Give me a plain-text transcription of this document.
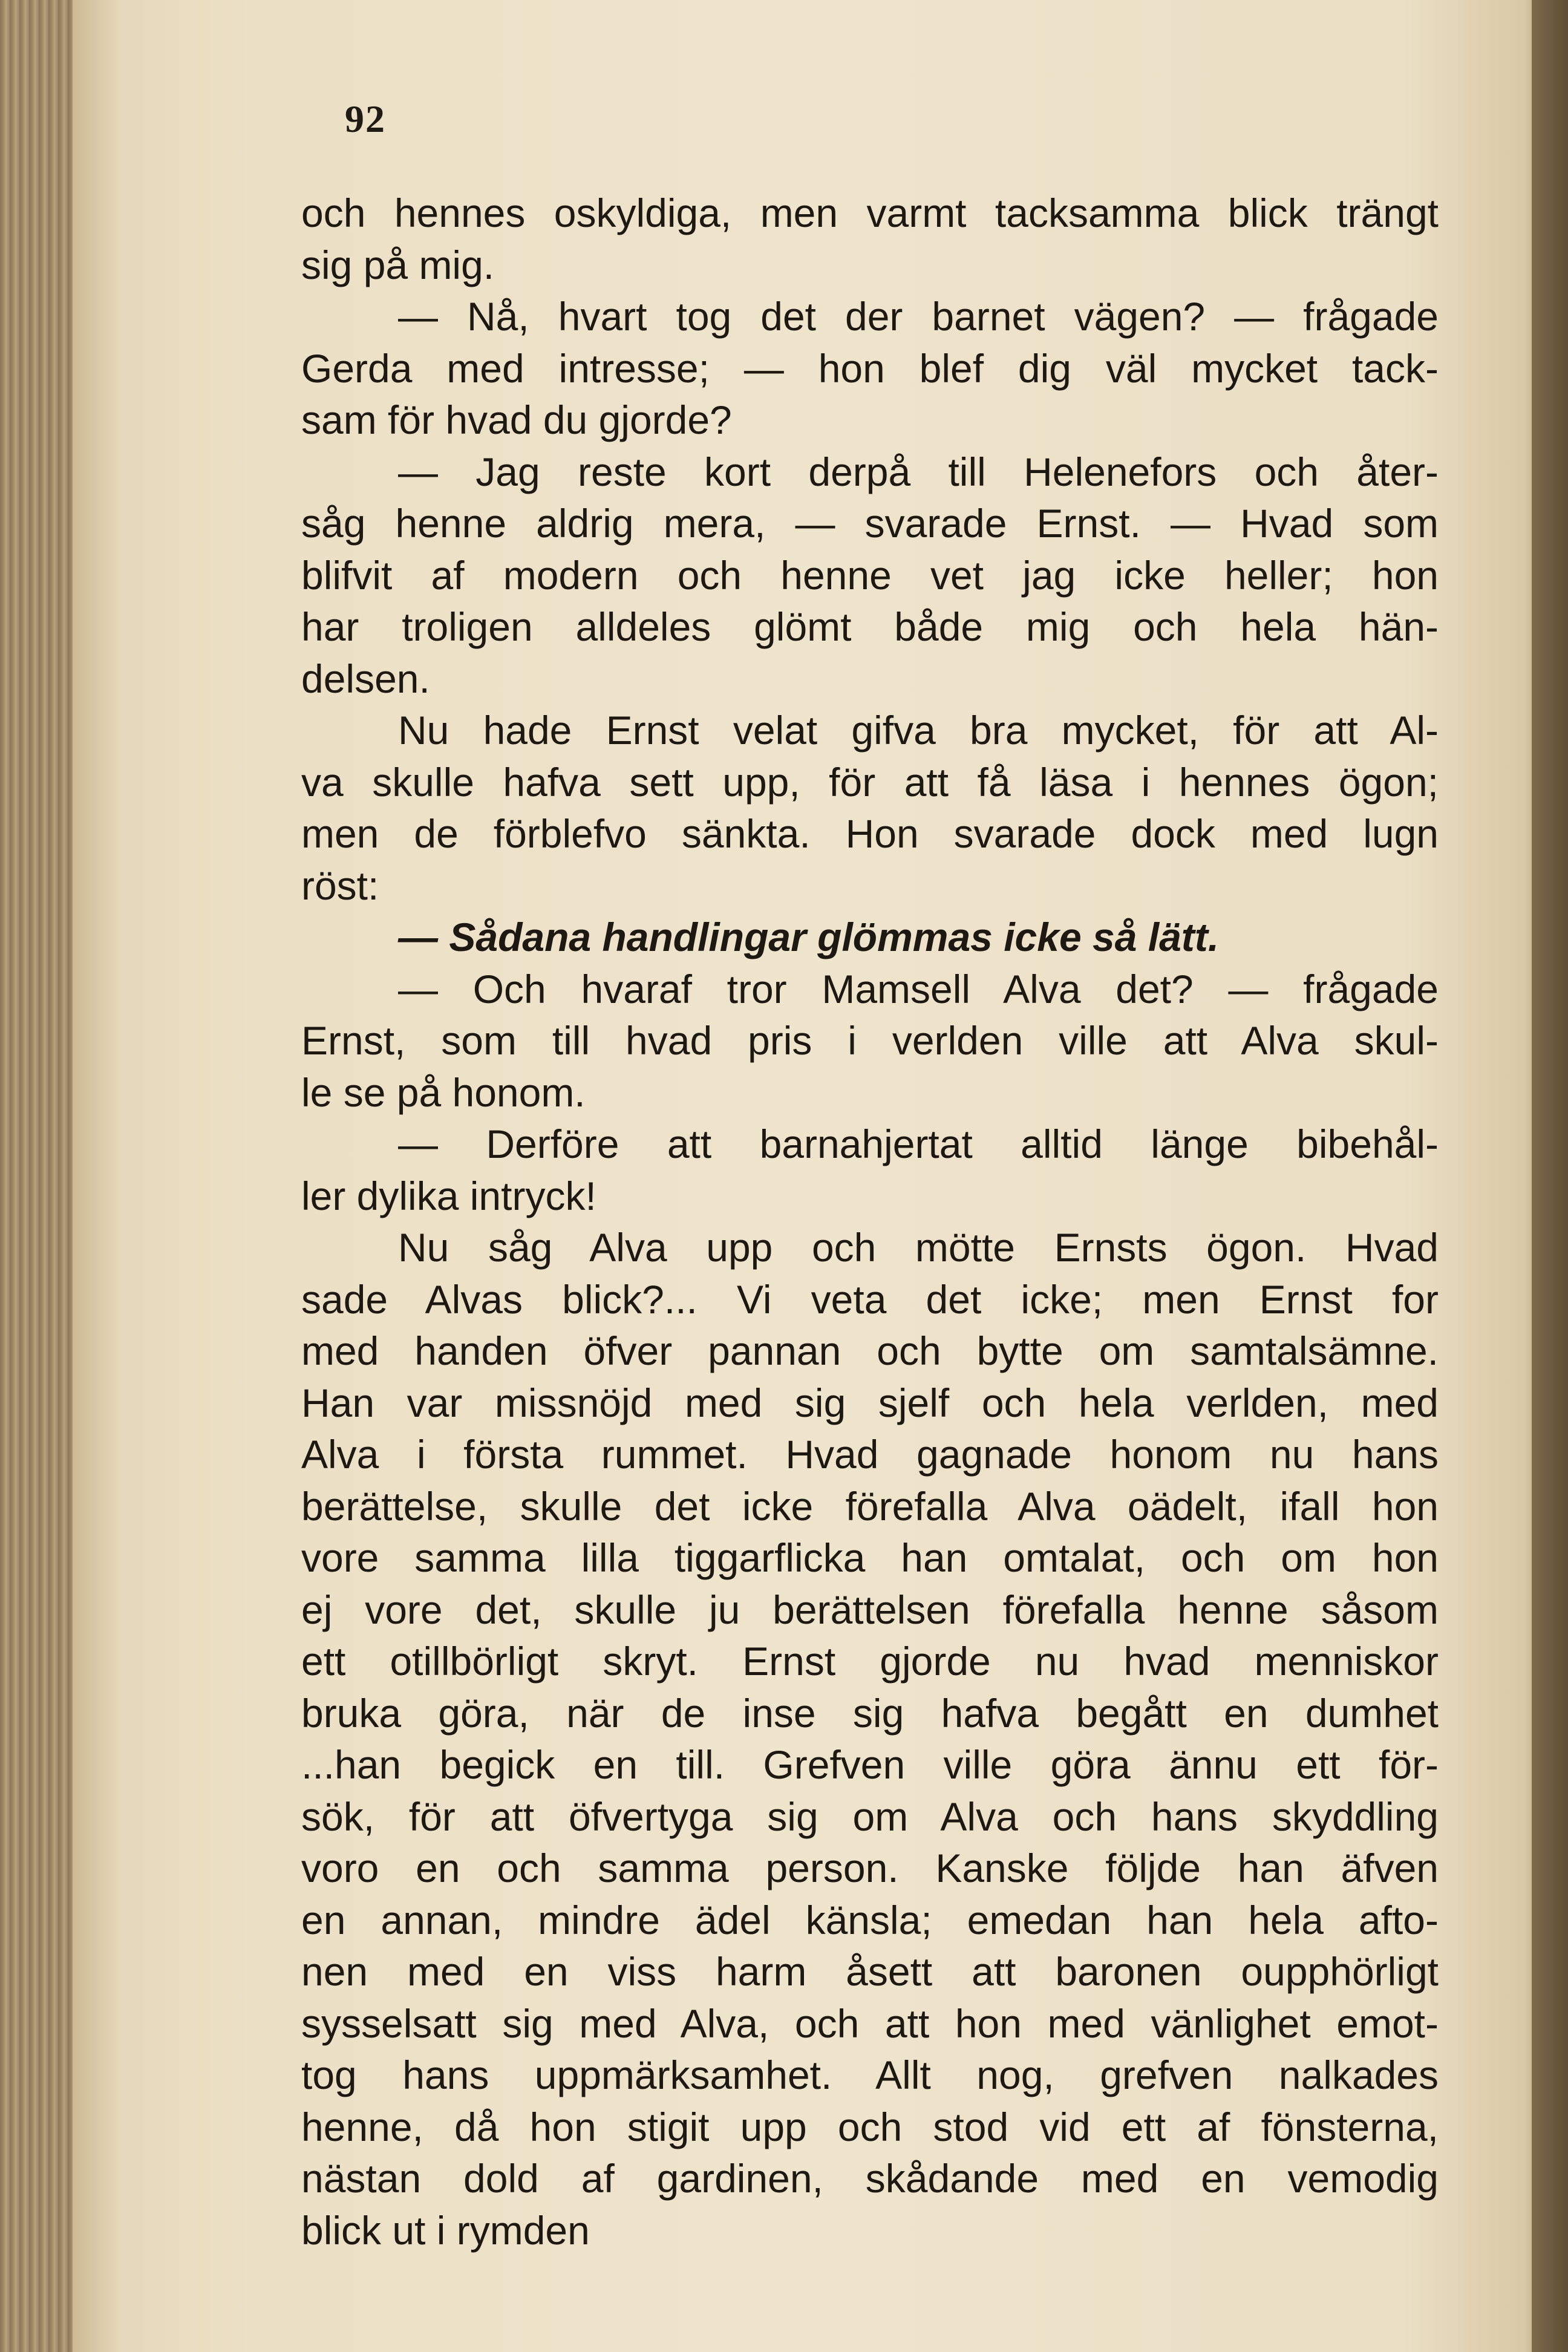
92
och hennes oskyldiga, men varmt tacksamma blick trängt
sig på mig.
— Nå, hvart tog det der barnet vägen? — frågade
Gerda med intresse; — hon blef dig väl mycket tack-
sam för hvad du gjorde?
— Jag reste kort derpå till Helenefors och åter-
såg henne aldrig mera, — svarade Ernst. — Hvad som
blifvit af modern och henne vet jag icke heller; hon
har troligen alldeles glömt både mig och hela hän-
delsen.
Nu hade Ernst velat gifva bra mycket, för att Al-
va skulle hafva sett upp, för att få läsa i hennes ögon;
men de förblefvo sänkta. Hon svarade dock med lugn
röst:
— Sådana handlingar glömmas icke så lätt.
— Och hvaraf tror Mamsell Alva det? — frågade
Ernst, som till hvad pris i verlden ville att Alva skul-
le se på honom.
— Derföre att barnahjertat alltid länge bibehål-
ler dylika intryck!
Nu såg Alva upp och mötte Ernsts ögon. Hvad
sade Alvas blick?... Vi veta det icke; men Ernst for
med handen öfver pannan och bytte om samtalsämne.
Han var missnöjd med sig sjelf och hela verlden, med
Alva i första rummet. Hvad gagnade honom nu hans
berättelse, skulle det icke förefalla Alva oädelt, ifall hon
vore samma lilla tiggarflicka han omtalat, och om hon
ej vore det, skulle ju berättelsen förefalla henne såsom
ett otillbörligt skryt. Ernst gjorde nu hvad menniskor
bruka göra, när de inse sig hafva begått en dumhet
...han begick en till. Grefven ville göra ännu ett för-
sök, för att öfvertyga sig om Alva och hans skyddling
voro en och samma person. Kanske följde han äfven
en annan, mindre ädel känsla; emedan han hela afto-
nen med en viss harm åsett att baronen oupphörligt
sysselsatt sig med Alva, och att hon med vänlighet emot-
tog hans uppmärksamhet. Allt nog, grefven nalkades
henne, då hon stigit upp och stod vid ett af fönsterna,
nästan dold af gardinen, skådande med en vemodig
blick ut i rymden
